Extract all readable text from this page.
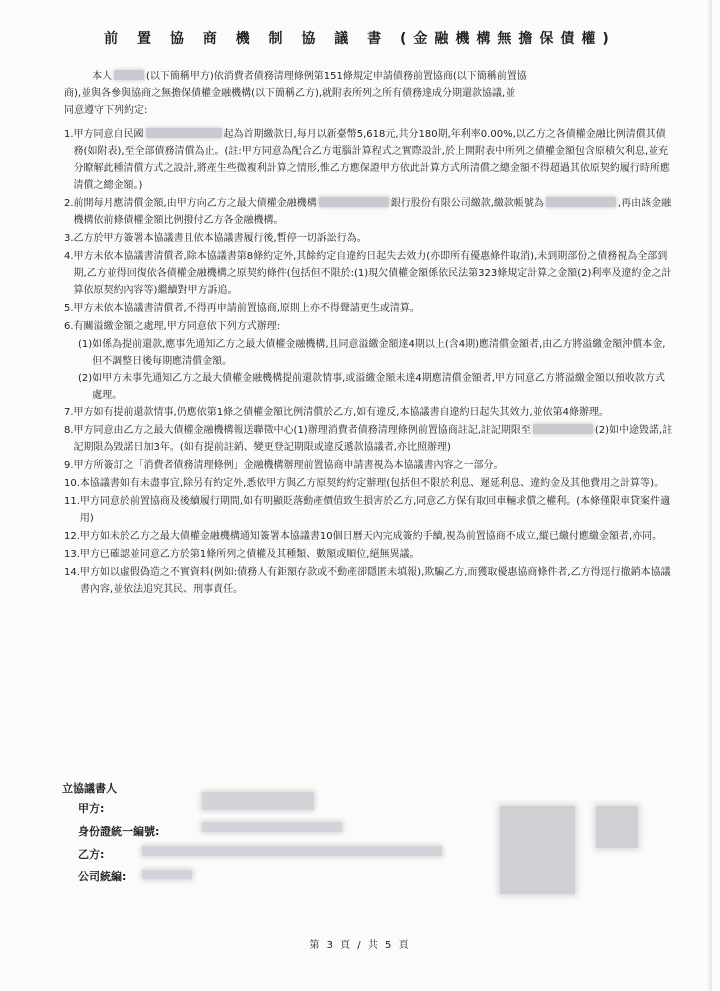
前 置 協 商 機 制 協 議 書 (金融機構無擔保債權)
本人	(以下簡稱甲方)依消費者債務清理條例第151條規定申請債務前置協商(以下簡稱前置協
商),並與各參與協商之無擔保債權金融機構(以下簡稱乙方),就附表所列之所有債務達成分期還款協議,並
同意遵守下列約定:
1. 甲方同意自民國	起為首期繳款日,每月以新臺幣5,618元,共分180期,年利率0.00%,以乙方之各債權金融比例清償其債務(如附表),至全部債務清償為止。(註:甲方同意為配合乙方電腦計算程式之實際設計,於上開附表中所列之債權金額包含原積欠利息,並充分瞭解此種清償方式之設計,將產生些微複利計算之情形,惟乙方應保證甲方依此計算方式所清償之總金額不得超過其依原契約履行時所應清償之總金額。)
2. 前開每月應清償金額,由甲方向乙方之最大債權金融機構	銀行股份有限公司繳款,繳款帳號為	,再由該金融機構依前條債權金額比例撥付乙方各金融機構。
3. 乙方於甲方簽署本協議書且依本協議書履行後,暫停一切訴訟行為。
4. 甲方未依本協議書清償者,除本協議書第8條約定外,其餘約定自違約日起失去效力(亦即所有優惠條件取消),未到期部份之債務視為全部到期,乙方並得回復依各債權金融機構之原契約條件(包括但不限於:(1)現欠債權金額係依民法第323條規定計算之金額(2)利率及違約金之計算依原契約內容等)繼續對甲方訴追。
5. 甲方未依本協議書清償者,不得再申請前置協商,原則上亦不得聲請更生或清算。
6. 有關溢繳金額之處理,甲方同意依下列方式辦理:
(1) 如係為提前還款,應事先通知乙方之最大債權金融機構,且同意溢繳金額達4期以上(含4期)應清償金額者,由乙方將溢繳金額沖償本金,但不調整日後每期應清償金額。
(2) 如甲方未事先通知乙方之最大債權金融機構提前還款情事,或溢繳金額未達4期應清償金額者,甲方同意乙方將溢繳金額以預收款方式處理。
7. 甲方如有提前還款情事,仍應依第1條之債權金額比例清償於乙方,如有違反,本協議書自違約日起失其效力,並依第4條辦理。
8. 甲方同意由乙方之最大債權金融機構報送聯徵中心(1)辦理消費者債務清理條例前置協商註記,註記期限至	(2)如中途毀諾,註記期限為毀諾日加3年。(如有提前註銷、變更登記期限或違反遞款協議者,亦比照辦理)
9. 甲方所簽訂之「消費者債務清理條例」金融機構辦理前置協商申請書視為本協議書內容之一部分。
10. 本協議書如有未盡事宜,除另有約定外,悉依甲方與乙方原契約約定辦理(包括但不限於利息、遲延利息、違約金及其他費用之計算等)。
11. 甲方同意於前置協商及後續履行期間,如有明顯貶落動產價值致生損害於乙方,同意乙方保有取回車輛求償之權利。(本條僅限車貸案件適用)
12. 甲方如未於乙方之最大債權金融機構通知簽署本協議書10個日曆天內完成簽約手續,視為前置協商不成立,縱已繳付應繳金額者,亦同。
13. 甲方已確認並同意乙方於第1條所列之債權及其種類、數額或順位,絕無異議。
14. 甲方如以虛假偽造之不實資料(例如:債務人有鉅額存款或不動產卻隱匿未填報),欺騙乙方,而獲取優惠協商條件者,乙方得逕行撤銷本協議書內容,並依法追究其民、刑事責任。
立協議書人
甲方:
身份證統一編號:
乙方:
公司統編:
第 3 頁 / 共 5 頁
